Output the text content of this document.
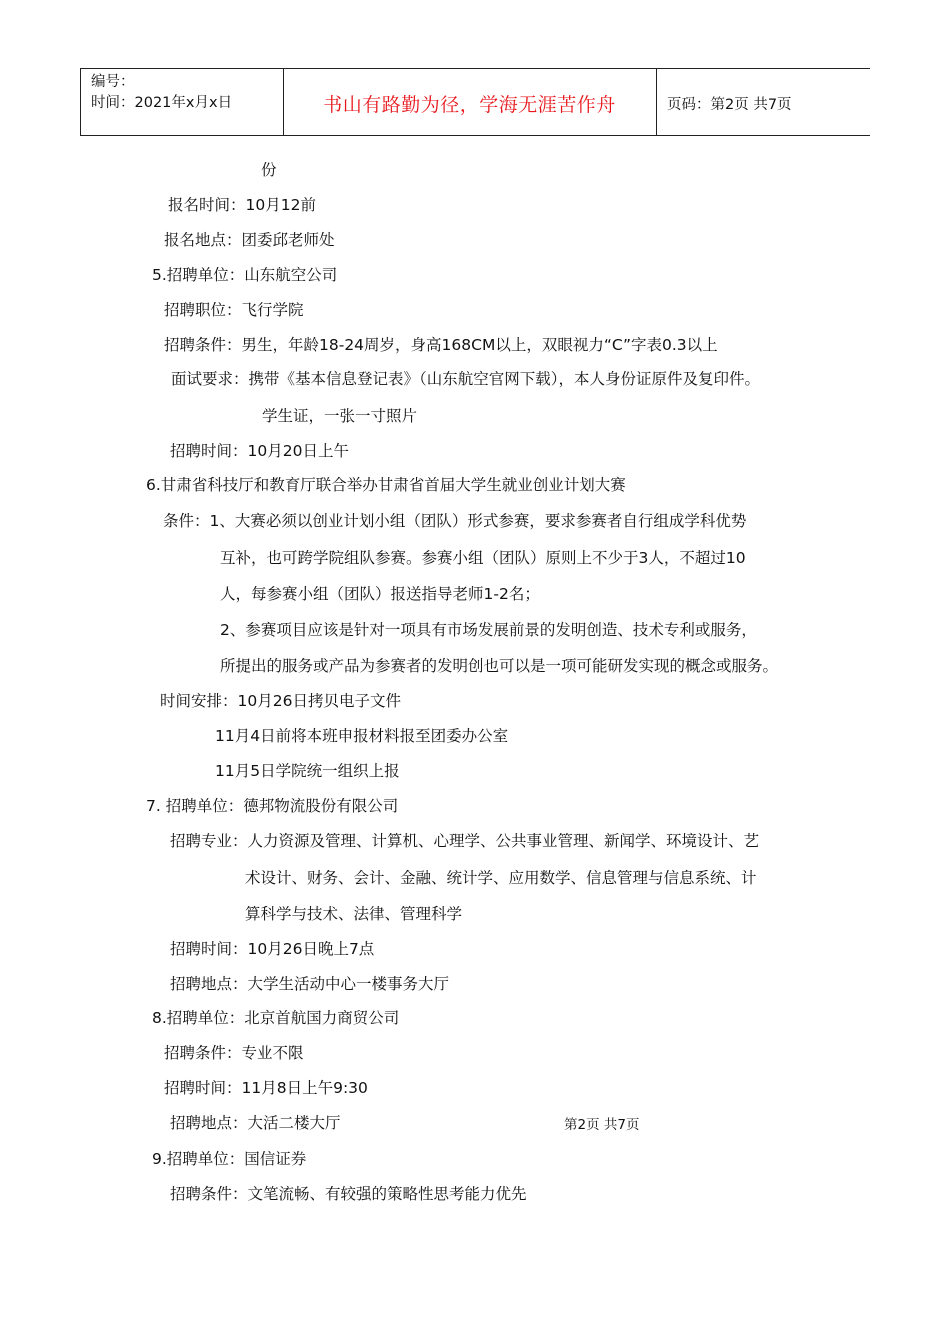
编号：
时间：2021年x月x日	书山有路勤为径，学海无涯苦作舟	页码：第2页 共7页
份
报名时间：10月12前
报名地点：团委邱老师处
5.招聘单位：山东航空公司
招聘职位：飞行学院
招聘条件：男生，年龄18-24周岁，身高168CM以上，双眼视力“C”字表0.3以上
面试要求：携带《基本信息登记表》（山东航空官网下载），本人身份证原件及复印件。
学生证，一张一寸照片
招聘时间：10月20日上午
6.甘肃省科技厅和教育厅联合举办甘肃省首届大学生就业创业计划大赛
条件：1、大赛必须以创业计划小组（团队）形式参赛，要求参赛者自行组成学科优势
互补，也可跨学院组队参赛。参赛小组（团队）原则上不少于3人，不超过10
人，每参赛小组（团队）报送指导老师1-2名；
2、参赛项目应该是针对一项具有市场发展前景的发明创造、技术专利或服务，
所提出的服务或产品为参赛者的发明创也可以是一项可能研发实现的概念或服务。
时间安排：10月26日拷贝电子文件
11月4日前将本班申报材料报至团委办公室
11月5日学院统一组织上报
7. 招聘单位：德邦物流股份有限公司
招聘专业：人力资源及管理、计算机、心理学、公共事业管理、新闻学、环境设计、艺
术设计、财务、会计、金融、统计学、应用数学、信息管理与信息系统、计
算科学与技术、法律、管理科学
招聘时间：10月26日晚上7点
招聘地点：大学生活动中心一楼事务大厅
8.招聘单位：北京首航国力商贸公司
招聘条件：专业不限
招聘时间：11月8日上午9:30
招聘地点：大活二楼大厅
9.招聘单位：国信证券
招聘条件：文笔流畅、有较强的策略性思考能力优先
第2页 共7页
